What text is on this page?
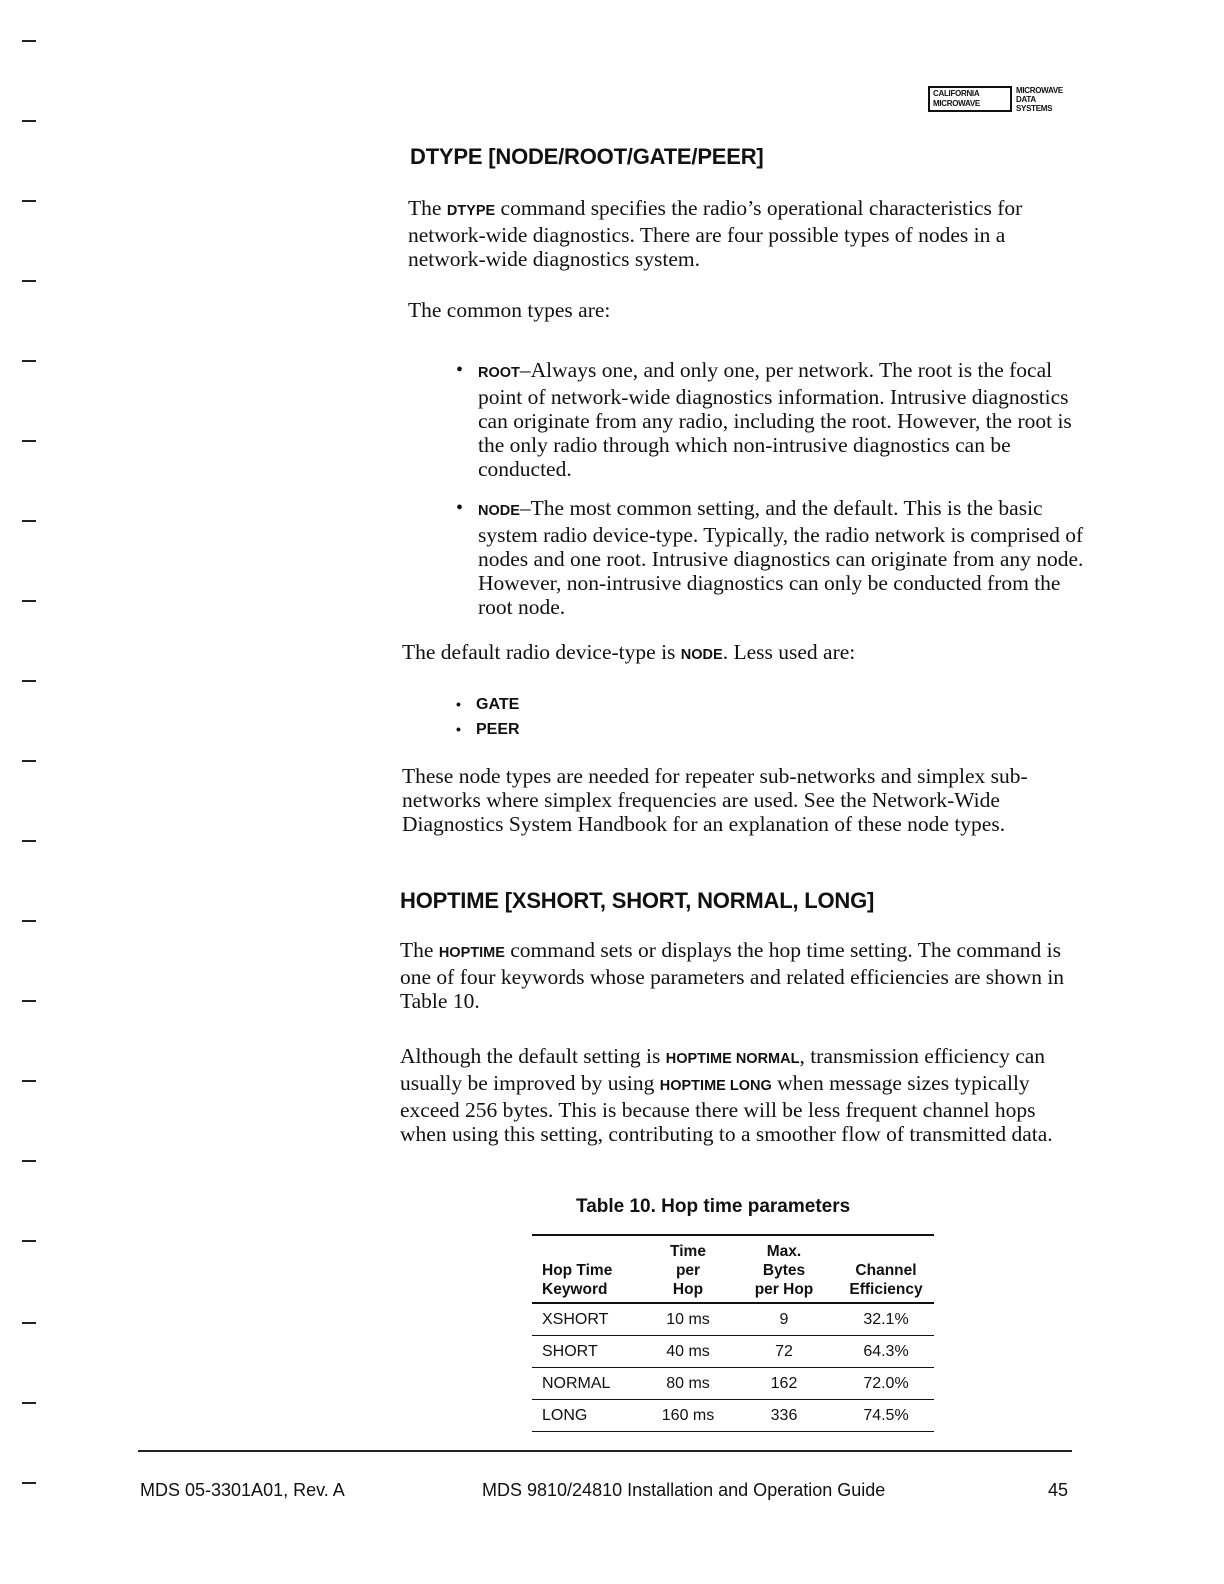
CALIFORNIA
MICROWAVE
MICROWAVE
DATA
SYSTEMS
DTYPE [NODE/ROOT/GATE/PEER]

The DTYPE command specifies the radio’s operational characteristics for network-wide diagnostics. There are four possible types of nodes in a network-wide diagnostics system.

The common types are:

• ROOT–Always one, and only one, per network. The root is the focal point of network-wide diagnostics information. Intrusive diagnostics can originate from any radio, including the root. However, the root is the only radio through which non-intrusive diagnostics can be conducted.
• NODE–The most common setting, and the default. This is the basic system radio device-type. Typically, the radio network is comprised of nodes and one root. Intrusive diagnostics can originate from any node. However, non-intrusive diagnostics can only be conducted from the root node.

The default radio device-type is NODE. Less used are:

• GATE
• PEER

These node types are needed for repeater sub-networks and simplex sub-networks where simplex frequencies are used. See the Network-Wide Diagnostics System Handbook for an explanation of these node types.

HOPTIME [XSHORT, SHORT, NORMAL, LONG]

The HOPTIME command sets or displays the hop time setting. The command is one of four keywords whose parameters and related efficiencies are shown in Table 10.

Although the default setting is HOPTIME NORMAL, transmission efficiency can usually be improved by using HOPTIME LONG when message sizes typically exceed 256 bytes. This is because there will be less frequent channel hops when using this setting, contributing to a smoother flow of transmitted data.

Table 10. Hop time parameters
Hop Time
Keyword	Time
per
Hop	Max.
Bytes
per Hop	Channel
Efficiency
XSHORT	10 ms	9	32.1%
SHORT	40 ms	72	64.3%
NORMAL	80 ms	162	72.0%
LONG	160 ms	336	74.5%
MDS 05-3301A01, Rev. A	MDS 9810/24810 Installation and Operation Guide	45
